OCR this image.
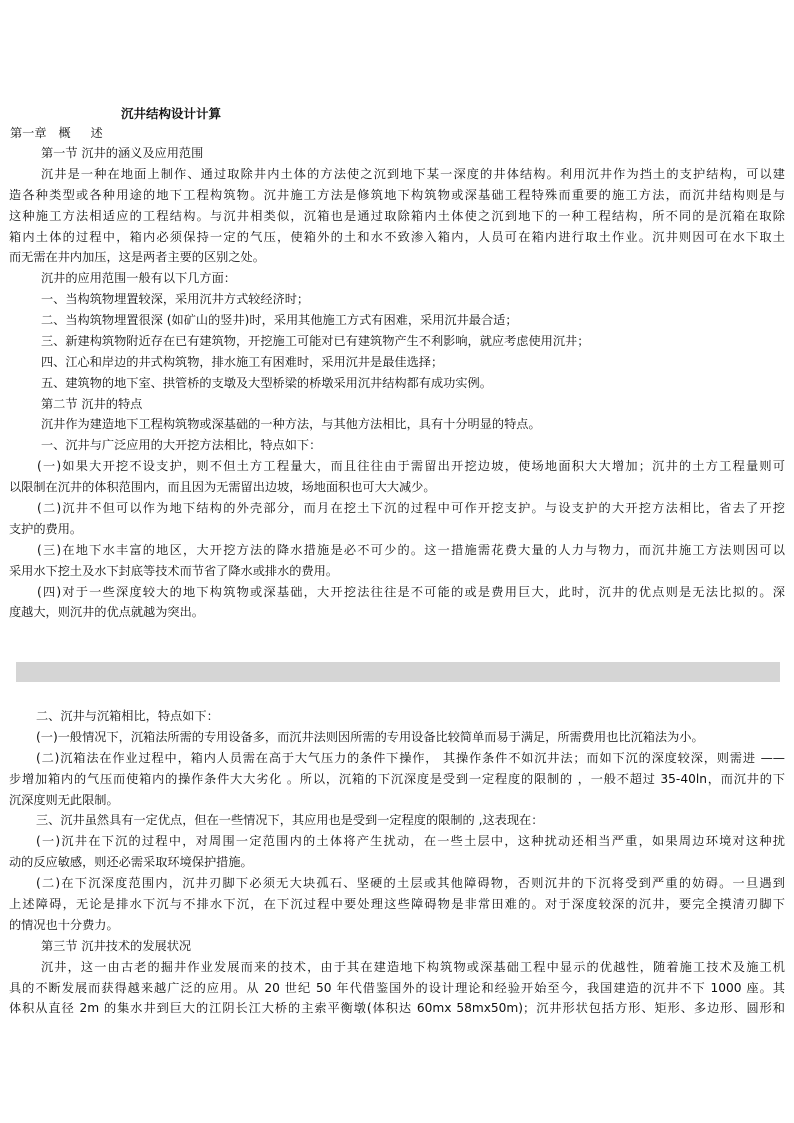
沉井结构设计计算
第一章 概 述
第一节 沉井的涵义及应用范围
沉井是一种在地面上制作、通过取除井内土体的方法使之沉到地下某一深度的井体结构。利用沉井作为挡土的支护结构，可以建
造各种类型或各种用途的地下工程构筑物。沉井施工方法是修筑地下构筑物或深基础工程特殊而重要的施工方法，而沉井结构则是与
这种施工方法相适应的工程结构。与沉井相类似，沉箱也是通过取除箱内土体使之沉到地下的一种工程结构，所不同的是沉箱在取除
箱内土体的过程中，箱内必须保持一定的气压，使箱外的土和水不致渗入箱内，人员可在箱内进行取土作业。沉井则因可在水下取土
而无需在井内加压，这是两者主要的区别之处。
沉井的应用范围一般有以下几方面：
一、当构筑物埋置较深，采用沉井方式较经济时；
二、当构筑物埋置很深 (如矿山的竖井)时，采用其他施工方式有困难，采用沉井最合适；
三、新建构筑物附近存在已有建筑物，开挖施工可能对已有建筑物产生不利影响，就应考虑使用沉井；
四、江心和岸边的井式构筑物，排水施工有困难时，采用沉井是最佳选择；
五、建筑物的地下室、拱管桥的支墩及大型桥梁的桥墩采用沉井结构都有成功实例。
第二节 沉井的特点
沉井作为建造地下工程构筑物或深基础的一种方法，与其他方法相比，具有十分明显的特点。
一、沉井与广泛应用的大开挖方法相比，特点如下：
(一)如果大开挖不设支护，则不但土方工程量大，而且往往由于需留出开挖边坡，使场地面积大大增加；沉井的土方工程量则可
以限制在沉井的体积范围内，而且因为无需留出边坡，场地面积也可大大减少。
(二)沉井不但可以作为地下结构的外壳部分，而月在挖土下沉的过程中可作开挖支护。与设支护的大开挖方法相比，省去了开挖
支护的费用。
(三)在地下水丰富的地区，大开挖方法的降水措施是必不可少的。这一措施需花费大量的人力与物力，而沉井施工方法则因可以
采用水下挖土及水下封底等技术而节省了降水或排水的费用。
(四)对于一些深度较大的地下构筑物或深基础，大开挖法往往是不可能的或是费用巨大，此时，沉井的优点则是无法比拟的。深
度越大，则沉井的优点就越为突出。
二、沉井与沉箱相比，特点如下：
(一)一般情况下，沉箱法所需的专用设备多，而沉井法则因所需的专用设备比较简单而易于满足，所需费用也比沉箱法为小。
(二)沉箱法在作业过程中，箱内人员需在高于大气压力的条件下操作， 其操作条件不如沉井法；而如下沉的深度较深，则需进 ——
步增加箱内的气压而使箱内的操作条件大大劣化 。所以，沉箱的下沉深度是受到一定程度的限制的 ，一般不超过 35-40ln，而沉井的下
沉深度则无此限制。
三、沉井虽然具有一定优点，但在一些情况下，其应用也是受到一定程度的限制的 ,这表现在：
(一)沉井在下沉的过程中，对周围一定范围内的土体将产生扰动，在一些土层中，这种扰动还相当严重，如果周边环境对这种扰
动的反应敏感，则还必需采取环境保护措施。
(二)在下沉深度范围内，沉井刃脚下必须无大块孤石、坚硬的土层或其他障碍物，否则沉井的下沉将受到严重的妨碍。一旦遇到
上述障碍，无论是排水下沉与不排水下沉，在下沉过程中要处理这些障碍物是非常田难的。对于深度较深的沉井，要完全摸清刃脚下
的情况也十分费力。
第三节 沉井技术的发展状况
沉井，这一由古老的掘井作业发展而来的技术，由于其在建造地下构筑物或深基础工程中显示的优越性，随着施工技术及施工机
具的不断发展而获得越来越广泛的应用。从 20 世纪 50 年代借鉴国外的设计理论和经验开始至今，我国建造的沉井不下 1000 座。其
体积从直径 2m 的集水井到巨大的江阴长江大桥的主索平衡墩(体积达 60mx 58mx50m)；沉井形状包括方形、矩形、多边形、圆形和
